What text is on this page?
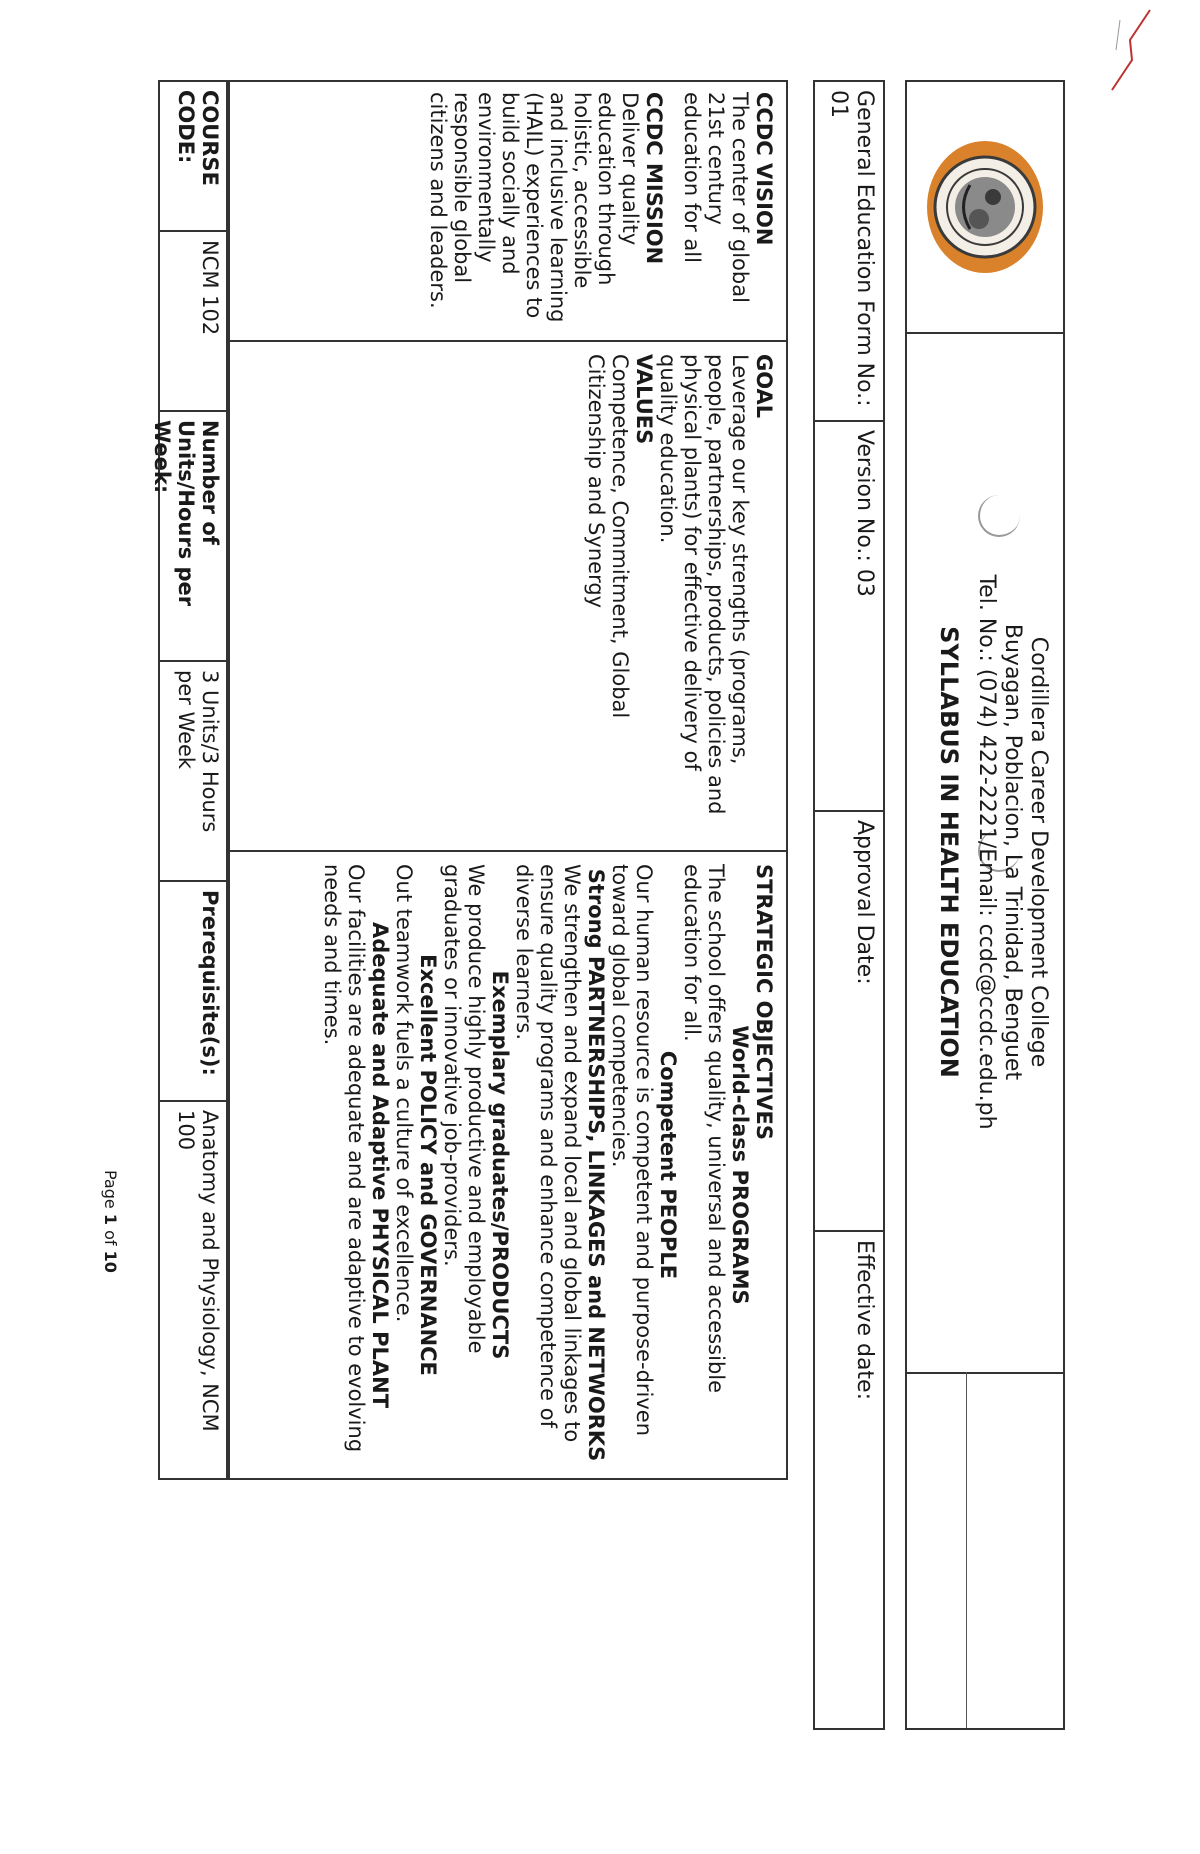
Cordillera Career Development College
Buyagan, Poblacion, La Trinidad, Benguet
Tel. No.: (074) 422-2221/Email: ccdc@ccdc.edu.ph
SYLLABUS IN HEALTH EDUCATION
General Education Form No.: 01
Version No.: 03
Approval Date:
Effective date:
CCDC VISION
The center of global 21st century education for all
CCDC MISSION
Deliver quality education through holistic, accessible and inclusive learning (HAIL) experiences to build socially and environmentally responsible global citizens and leaders.
GOAL
Leverage our key strengths (programs, people, partnerships, products, policies and physical plants) for effective delivery of quality education.
VALUES
Competence, Commitment, Global Citizenship and Synergy
STRATEGIC OBJECTIVES
World-class PROGRAMS
The school offers quality, universal and accessible education for all.
Competent PEOPLE
Our human resource is competent and purpose-driven toward global competencies.
Strong PARTNERSHIPS, LINKAGES and NETWORKS
We strengthen and expand local and global linkages to ensure quality programs and enhance competence of diverse learners.
Exemplary graduates/PRODUCTS
We produce highly productive and employable graduates or innovative job-providers.
Excellent POLICY and GOVERNANCE
Out teamwork fuels a culture of excellence.
Adequate and Adaptive PHYSICAL PLANT
Our facilities are adequate and are adaptive to evolving needs and times.
COURSE CODE:
NCM 102
Number of Units/Hours per Week:
3 Units/3 Hours per Week
Prerequisite(s):
Anatomy and Physiology, NCM 100
Page 1 of 10
